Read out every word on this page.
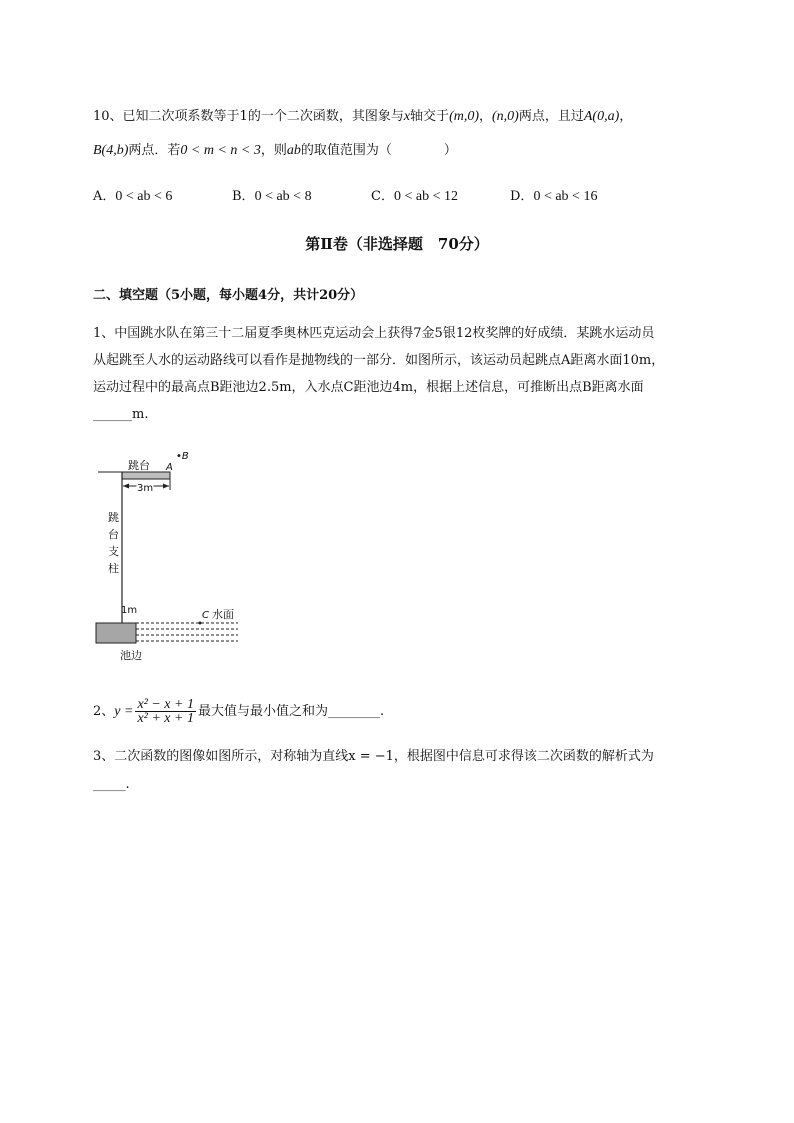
10、已知二次项系数等于1的一个二次函数，其图象与x轴交于(m,0)，(n,0)两点，且过A(0,a)，
B(4,b)两点．若0 < m < n < 3，则ab的取值范围为（　　　　）
A．0 < ab < 6	B．0 < ab < 8	C．0 < ab < 12	D．0 < ab < 16
第Ⅱ卷（非选择题　70分）
二、填空题（5小题，每小题4分，共计20分）
1、中国跳水队在第三十二届夏季奥林匹克运动会上获得7金5银12枚奖牌的好成绩．某跳水运动员
从起跳至人水的运动路线可以看作是抛物线的一部分．如图所示，该运动员起跳点A距离水面10m，
运动过程中的最高点B距池边2.5m，入水点C距池边4m，根据上述信息，可推断出点B距离水面
______m.
跳台 A
•B
3m
跳
台
支
柱
1m	C 水面
池边
2、$y = \frac{\text{x² − x + 1}}{\text{x² + x + 1}}$ 最大值与最小值之和为________.
3、二次函数的图像如图所示，对称轴为直线x = −1，根据图中信息可求得该二次函数的解析式为
_____.
